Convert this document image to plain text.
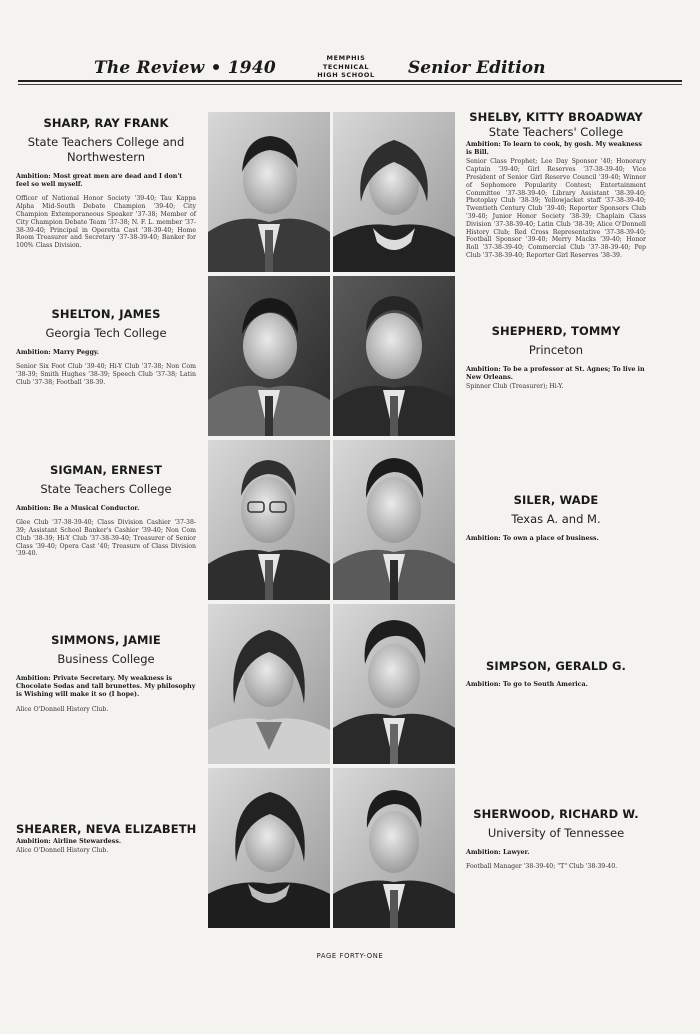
The Review • 1940	MEMPHIS
TECHNICAL
HIGH SCHOOL	Senior Edition
SHARP, RAY FRANK
State Teachers College and Northwestern
Ambition: Most great men are dead and I don't feel so well myself.
Officer of National Honor Society '39-40; Tau Kappa Alpha Mid-South Debate Champion '39-40; City Champion Extemporaneous Speaker '37-38; Member of City Champion Debate Team '37-38; N. F. L. member '37-38-39-40; Principal in Operetta Cast '38-39-40; Home Room Treasurer and Secretary '37-38-39-40; Banker for 100% Class Division.
SHELTON, JAMES
Georgia Tech College
Ambition: Marry Peggy.
Senior Six Foot Club '39-40; Hi-Y Club '37-38; Non Com '38-39; Smith Hughes '38-39; Speech Club '37-38; Latin Club '37-38; Football '38-39.
SIGMAN, ERNEST
State Teachers College
Ambition: Be a Musical Conductor.
Glee Club '37-38-39-40; Class Division Cashier '37-38-39; Assistant School Banker's Cashier '39-40; Non Com Club '38-39; Hi-Y Club '37-38-39-40; Treasurer of Senior Class '39-40; Opera Cast '40; Treasure of Class Division '39-40.
SIMMONS, JAMIE
Business College
Ambition: Private Secretary. My weakness is Chocolate Sodas and tall brunettes. My philosophy is Wishing will make it so (I hope).
Alice O'Donnell History Club.
SHEARER, NEVA ELIZABETH
Ambition: Airline Stewardess.
Alice O'Donnell History Club.
SHELBY, KITTY BROADWAY
State Teachers' College
Ambition: To learn to cook, by gosh. My weakness is Bill.
Senior Class Prophet; Lee Day Sponsor '40; Honorary Captain '39-40; Girl Reserves '37-38-39-40; Vice President of Senior Girl Reserve Council '39-40; Winner of Sophomore Popularity Contest; Entertainment Committee '37-38-39-40; Library Assistant '38-39-40; Photoplay Club '38-39; Yellowjacket staff '37-38-39-40; Twentieth Century Club '39-40; Reporter Sponsors Club '39-40; Junior Honor Society '38-39; Chaplain Class Division '37-38-39-40; Latin Club '38-39; Alice O'Donnell History Club; Red Cross Representative '37-38-39-40; Football Sponsor '39-40; Merry Macks '39-40; Honor Roll '37-38-39-40; Commercial Club '37-38-39-40; Pep Club '37-38-39-40; Reporter Girl Reserves '38-39.
SHEPHERD, TOMMY
Princeton
Ambition: To be a professor at St. Agnes; To live in New Orleans.
Spinner Club (Treasurer); Hi-Y.
SILER, WADE
Texas A. and M.
Ambition: To own a place of business.
SIMPSON, GERALD G.
Ambition: To go to South America.
SHERWOOD, RICHARD W.
University of Tennessee
Ambition: Lawyer.
Football Manager '38-39-40; "T" Club '38-39-40.
PAGE FORTY-ONE
